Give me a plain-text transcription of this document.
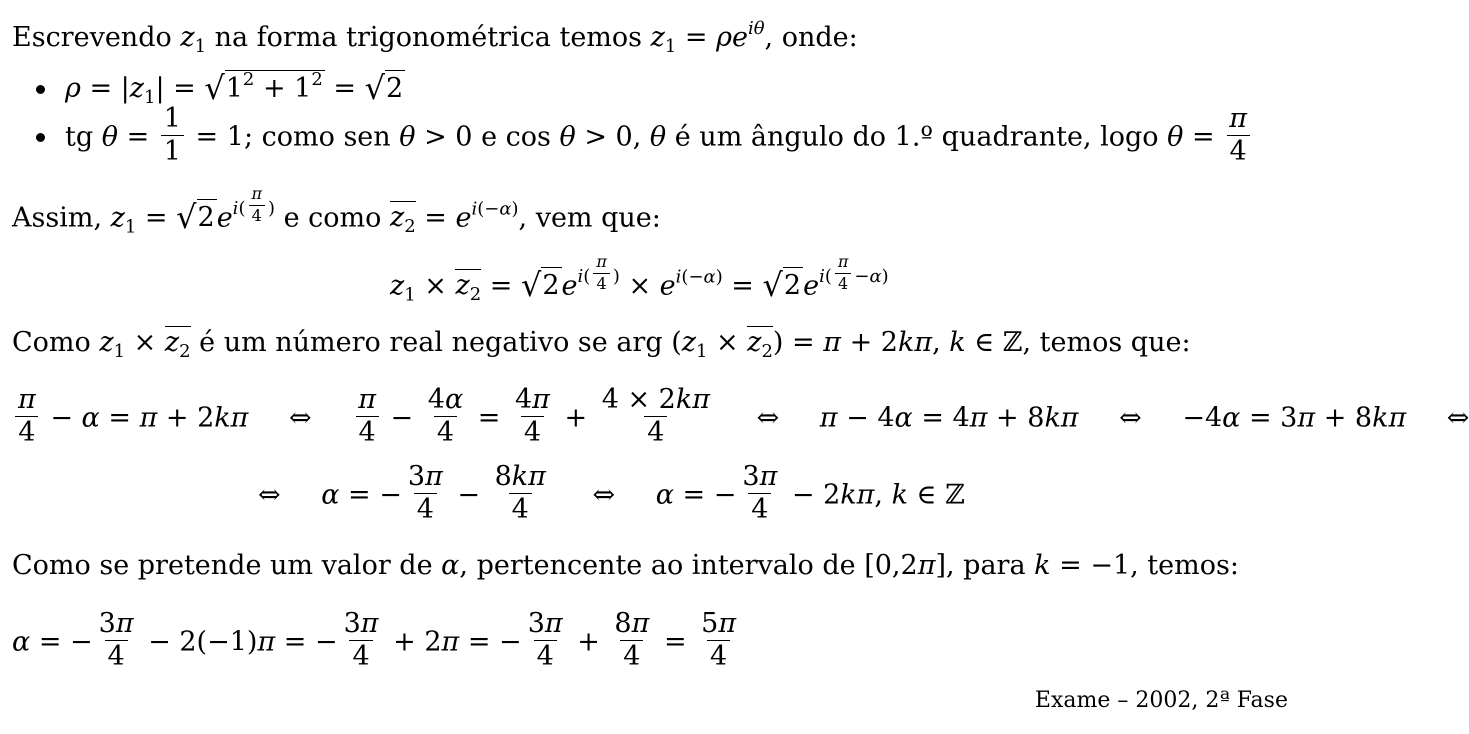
Escrevendo $z_1$ na forma trigonométrica temos $z_1 = \rho e^{i\theta}$, onde:
$\rho = |z_1| = √1^2 + 1^2 = √2$
tg $\theta = \frac{1}{1} = 1$; como sen θ > 0 e cos θ > 0, θ é um ângulo do 1.º quadrante, logo $\theta = \frac{\pi}{4}$
Assim, $z_1 = √2e^{i( \frac{\pi}{4} )}$ e como $z_2 = e^{i(-\alpha)}$, vem que:
$z_1 \times z_2 = √2e^{i( \frac{\pi}{4} )} \times e^{i(-\alpha)} = √2e^{i( \frac{\pi}{4} -\alpha)}$
Como $z_1 \times z_2$ é um número real negativo se arg $(z_1 \times z_2) = \pi + 2k\pi$, k ∈ ℤ, temos que:
$\frac{\pi}{4} - \alpha = \pi + 2k\pi$ ⇔ $\frac{\pi}{4} - \frac{4\alpha}{4} = \frac{4\pi}{4} + \frac{4 \times 2k\pi}{4}$ ⇔ π − 4α = 4π + 8kπ ⇔ −4α = 3π + 8kπ ⇔
⇔ α = − $\frac{3\pi}{4} - \frac{8k\pi}{4}$ ⇔ α = − $\frac{3\pi}{4} - 2k\pi$, k ∈ ℤ
Como se pretende um valor de α, pertencente ao intervalo de [0,2π], para k = −1, temos:
α = − $\frac{3\pi}{4} - 2(-1)\pi$ = − $\frac{3\pi}{4} + 2\pi$ = − $\frac{3\pi}{4} + \frac{8\pi}{4} = \frac{5\pi}{4}$
Exame – 2002, 2ª Fase
